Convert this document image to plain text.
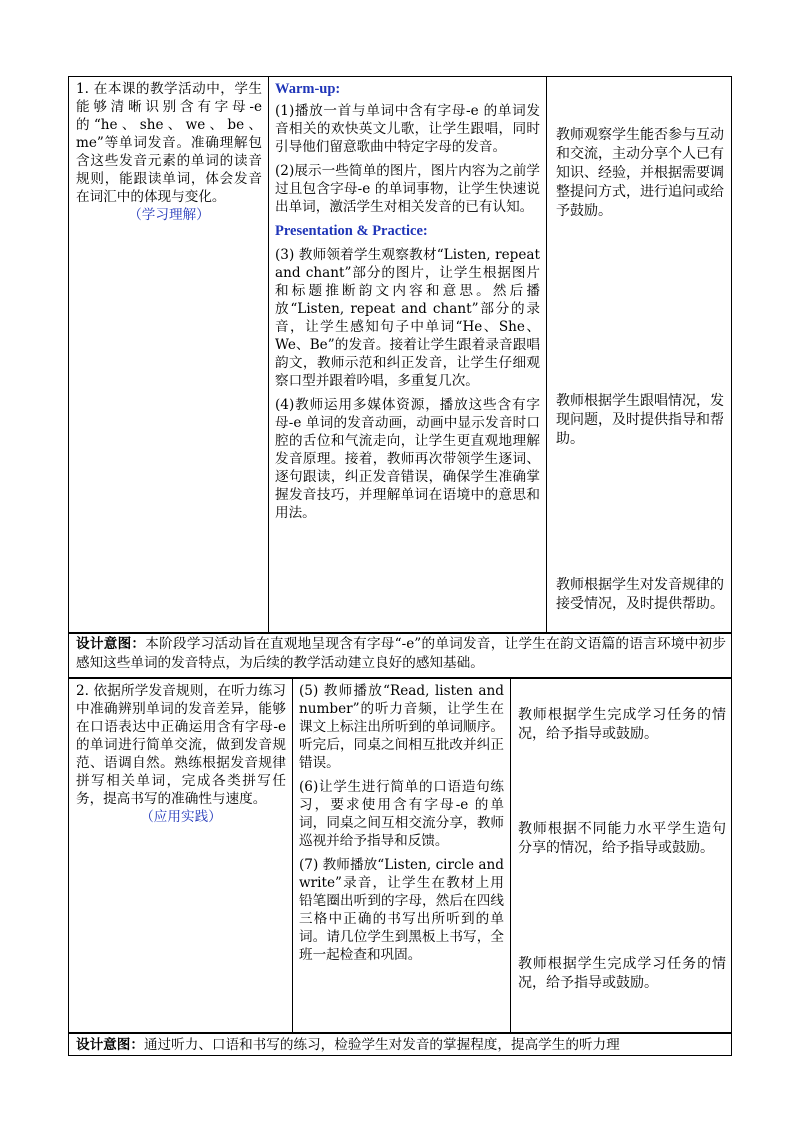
1. 在本课的教学活动中，学生能够清晰识别含有字母-e 的“he、she、we、be、me”等单词发音。准确理解包含这些发音元素的单词的读音规则，能跟读单词，体会发音在词汇中的体现与变化。

（学习理解）

Warm-up:

(1)播放一首与单词中含有字母-e 的单词发音相关的欢快英文儿歌，让学生跟唱，同时引导他们留意歌曲中特定字母的发音。

(2)展示一些简单的图片，图片内容为之前学过且包含字母-e 的单词事物，让学生快速说出单词，激活学生对相关发音的已有认知。

Presentation & Practice:

(3) 教师领着学生观察教材“Listen, repeat and chant”部分的图片，让学生根据图片和标题推断韵文内容和意思。然后播放“Listen, repeat and chant”部分的录音，让学生感知句子中单词“He、She、We、Be”的发音。接着让学生跟着录音跟唱韵文，教师示范和纠正发音，让学生仔细观察口型并跟着吟唱，多重复几次。

(4)教师运用多媒体资源，播放这些含有字母-e 单词的发音动画，动画中显示发音时口腔的舌位和气流走向，让学生更直观地理解发音原理。接着，教师再次带领学生逐词、逐句跟读，纠正发音错误，确保学生准确掌握发音技巧，并理解单词在语境中的意思和用法。

教师观察学生能否参与互动和交流，主动分享个人已有知识、经验，并根据需要调整提问方式，进行追问或给予鼓励。
教师根据学生跟唱情况，发现问题，及时提供指导和帮助。
教师根据学生对发音规律的接受情况，及时提供帮助。
设计意图：本阶段学习活动旨在直观地呈现含有字母“-e”的单词发音，让学生在韵文语篇的语言环境中初步感知这些单词的发音特点，为后续的教学活动建立良好的感知基础。

2. 依据所学发音规则，在听力练习中准确辨别单词的发音差异，能够在口语表达中正确运用含有字母-e 的单词进行简单交流，做到发音规范、语调自然。熟练根据发音规律拼写相关单词，完成各类拼写任务，提高书写的准确性与速度。

（应用实践）

(5) 教师播放“Read, listen and number”的听力音频，让学生在课文上标注出所听到的单词顺序。听完后，同桌之间相互批改并纠正错误。

(6)让学生进行简单的口语造句练习，要求使用含有字母-e 的单词，同桌之间互相交流分享，教师巡视并给予指导和反馈。

(7) 教师播放“Listen, circle and write”录音，让学生在教材上用铅笔圈出听到的字母，然后在四线三格中正确的书写出所听到的单词。请几位学生到黑板上书写，全班一起检查和巩固。

教师根据学生完成学习任务的情况，给予指导或鼓励。
教师根据不同能力水平学生造句分享的情况，给予指导或鼓励。
教师根据学生完成学习任务的情况，给予指导或鼓励。
设计意图：通过听力、口语和书写的练习，检验学生对发音的掌握程度，提高学生的听力理
